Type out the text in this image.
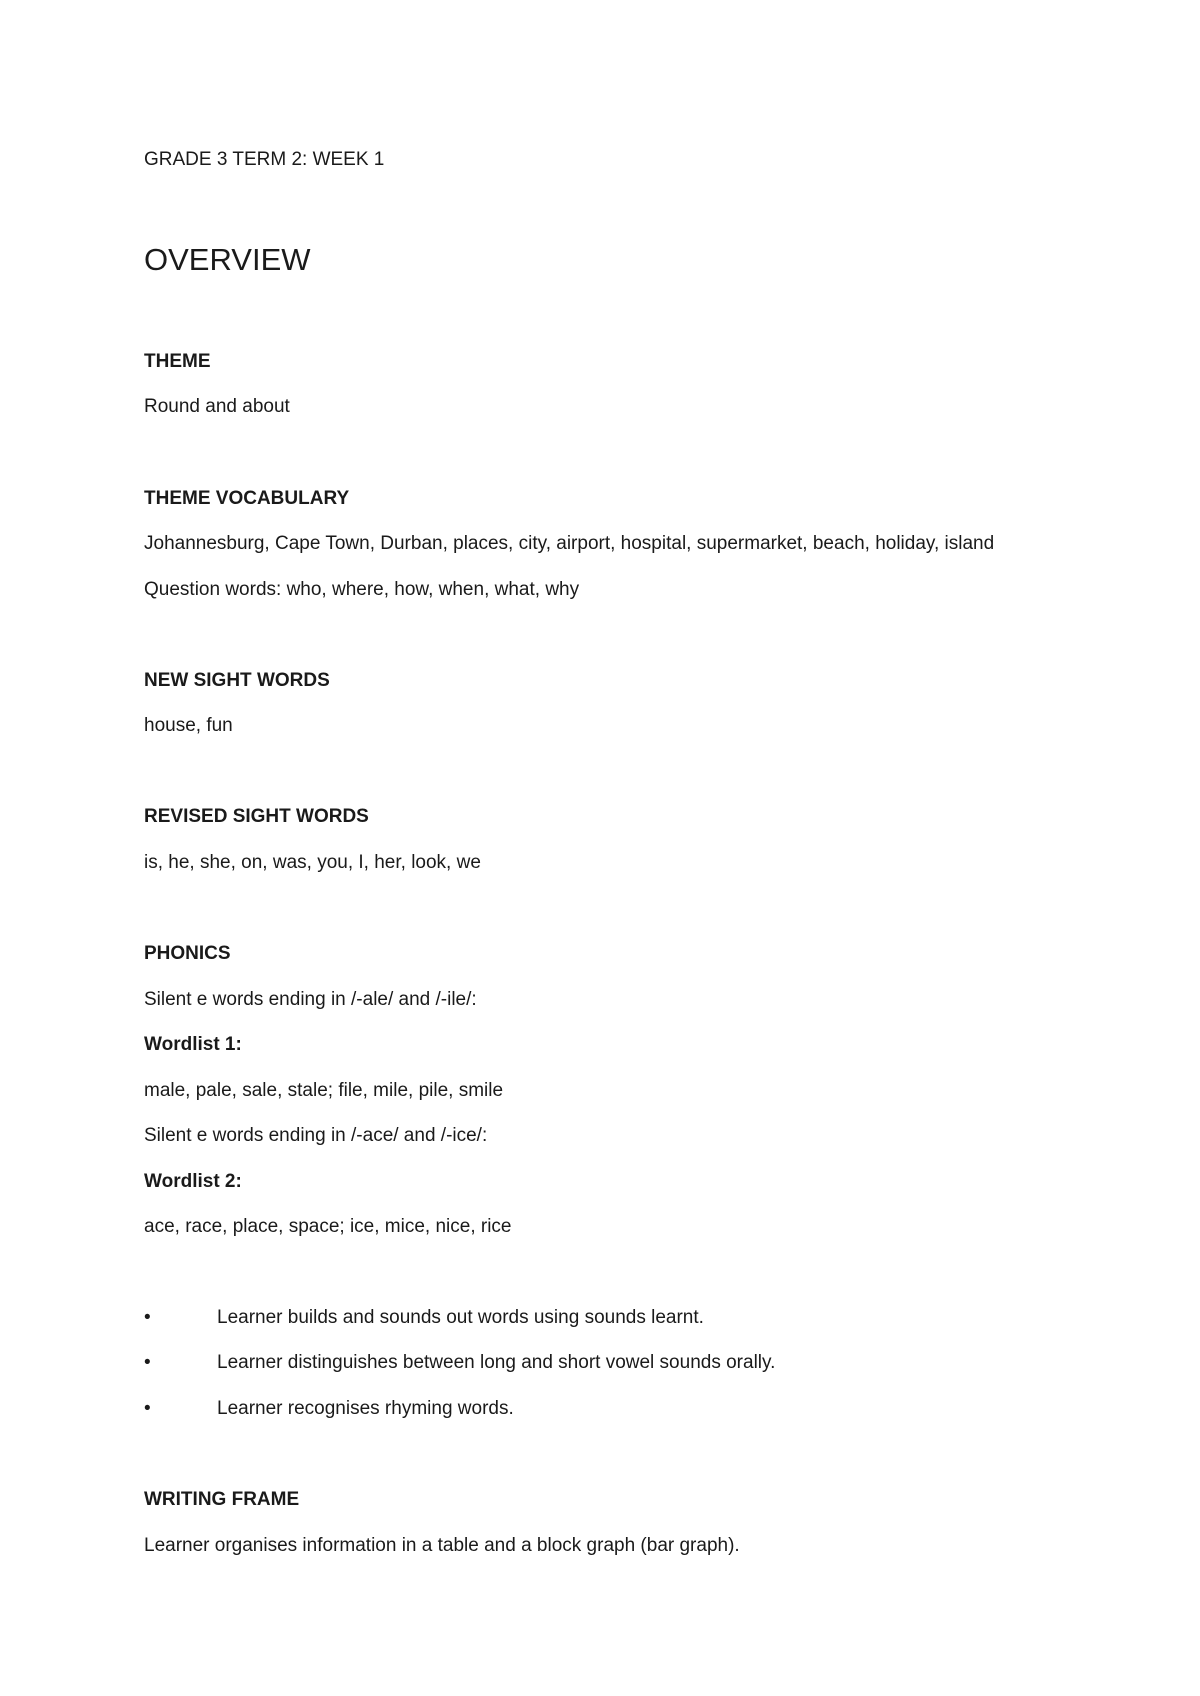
GRADE 3 TERM 2: WEEK 1
OVERVIEW
THEME
Round and about
THEME VOCABULARY
Johannesburg, Cape Town, Durban, places, city, airport, hospital, supermarket, beach, holiday, island
Question words: who, where, how, when, what, why
NEW SIGHT WORDS
house, fun
REVISED SIGHT WORDS
is, he, she, on, was, you, I, her, look, we
PHONICS
Silent e words ending in /-ale/ and /-ile/:
Wordlist 1:
male, pale, sale, stale; file, mile, pile, smile
Silent e words ending in /-ace/ and /-ice/:
Wordlist 2:
ace, race, place, space; ice, mice, nice, rice
•	Learner builds and sounds out words using sounds learnt.
•	Learner distinguishes between long and short vowel sounds orally.
•	Learner recognises rhyming words.
WRITING FRAME
Learner organises information in a table and a block graph (bar graph).
